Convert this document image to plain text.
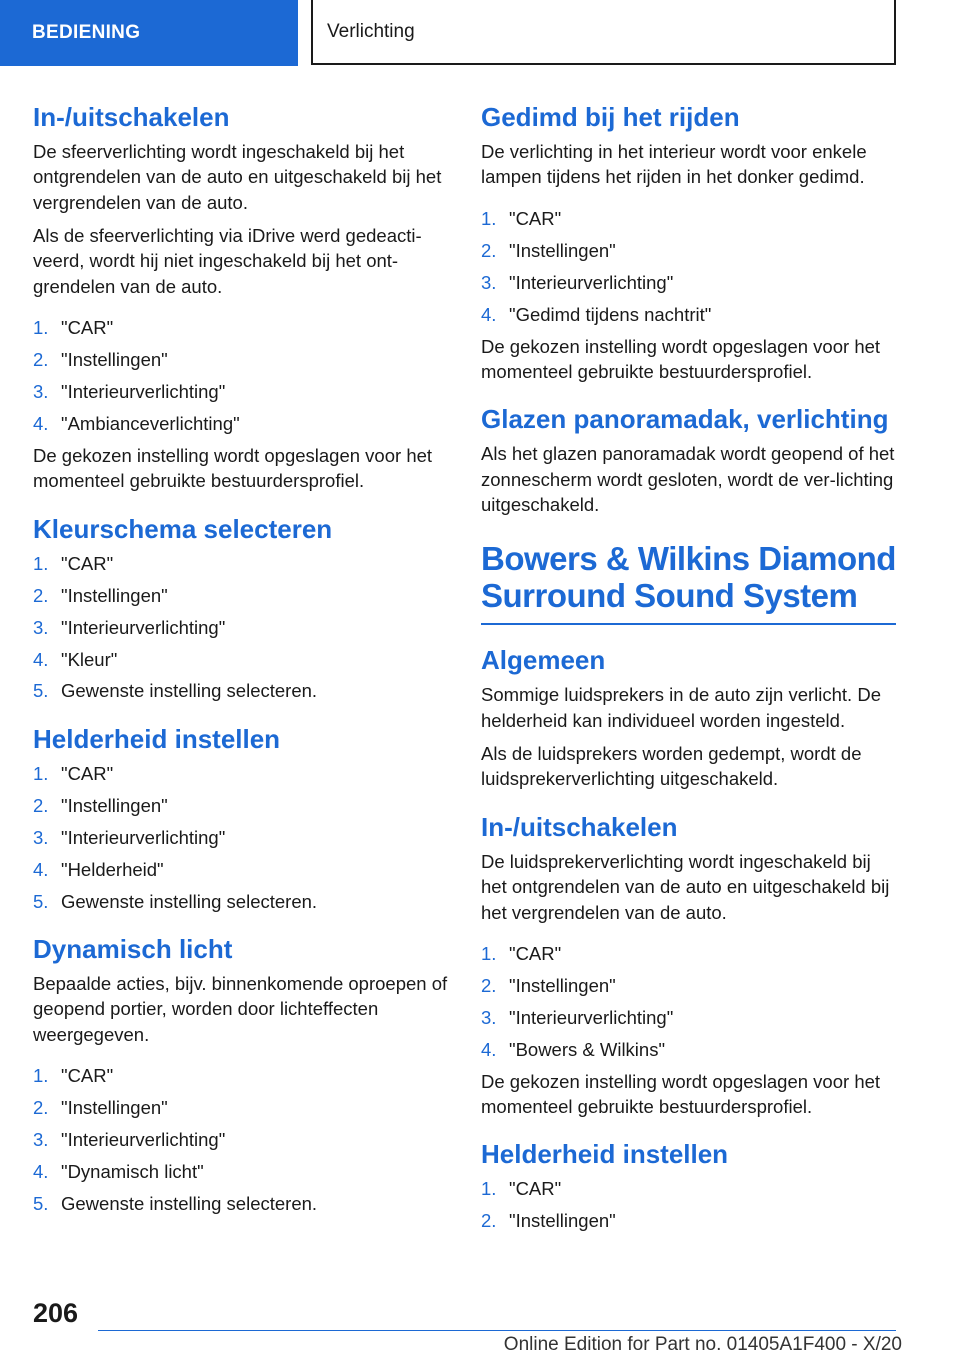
BEDIENING	Verlichting
In-/uitschakelen

De sfeerverlichting wordt ingeschakeld bij het ontgrendelen van de auto en uitgeschakeld bij het vergrendelen van de auto.

Als de sfeerverlichting via iDrive werd gedeacti‐veerd, wordt hij niet ingeschakeld bij het ont‐grendelen van de auto.

1. "CAR"
2. "Instellingen"
3. "Interieurverlichting"
4. "Ambianceverlichting"

De gekozen instelling wordt opgeslagen voor het momenteel gebruikte bestuurdersprofiel.

Kleurschema selecteren
1. "CAR"
2. "Instellingen"
3. "Interieurverlichting"
4. "Kleur"
5. Gewenste instelling selecteren.
Helderheid instellen
1. "CAR"
2. "Instellingen"
3. "Interieurverlichting"
4. "Helderheid"
5. Gewenste instelling selecteren.
Dynamisch licht

Bepaalde acties, bijv. binnenkomende oproepen of geopend portier, worden door lichteffecten weergegeven.

1. "CAR"
2. "Instellingen"
3. "Interieurverlichting"
4. "Dynamisch licht"
5. Gewenste instelling selecteren.
Gedimd bij het rijden

De verlichting in het interieur wordt voor enkele lampen tijdens het rijden in het donker gedimd.

1. "CAR"
2. "Instellingen"
3. "Interieurverlichting"
4. "Gedimd tijdens nachtrit"

De gekozen instelling wordt opgeslagen voor het momenteel gebruikte bestuurdersprofiel.

Glazen panoramadak, verlichting

Als het glazen panoramadak wordt geopend of het zonnescherm wordt gesloten, wordt de ver‐lichting uitgeschakeld.

Bowers & Wilkins Diamond
Surround Sound System
Algemeen

Sommige luidsprekers in de auto zijn verlicht. De helderheid kan individueel worden ingesteld.

Als de luidsprekers worden gedempt, wordt de luidsprekerverlichting uitgeschakeld.

In-/uitschakelen

De luidsprekerverlichting wordt ingeschakeld bij het ontgrendelen van de auto en uitgeschakeld bij het vergrendelen van de auto.

1. "CAR"
2. "Instellingen"
3. "Interieurverlichting"
4. "Bowers & Wilkins"

De gekozen instelling wordt opgeslagen voor het momenteel gebruikte bestuurdersprofiel.

Helderheid instellen
1. "CAR"
2. "Instellingen"
206
Online Edition for Part no. 01405A1F400 - X/20
